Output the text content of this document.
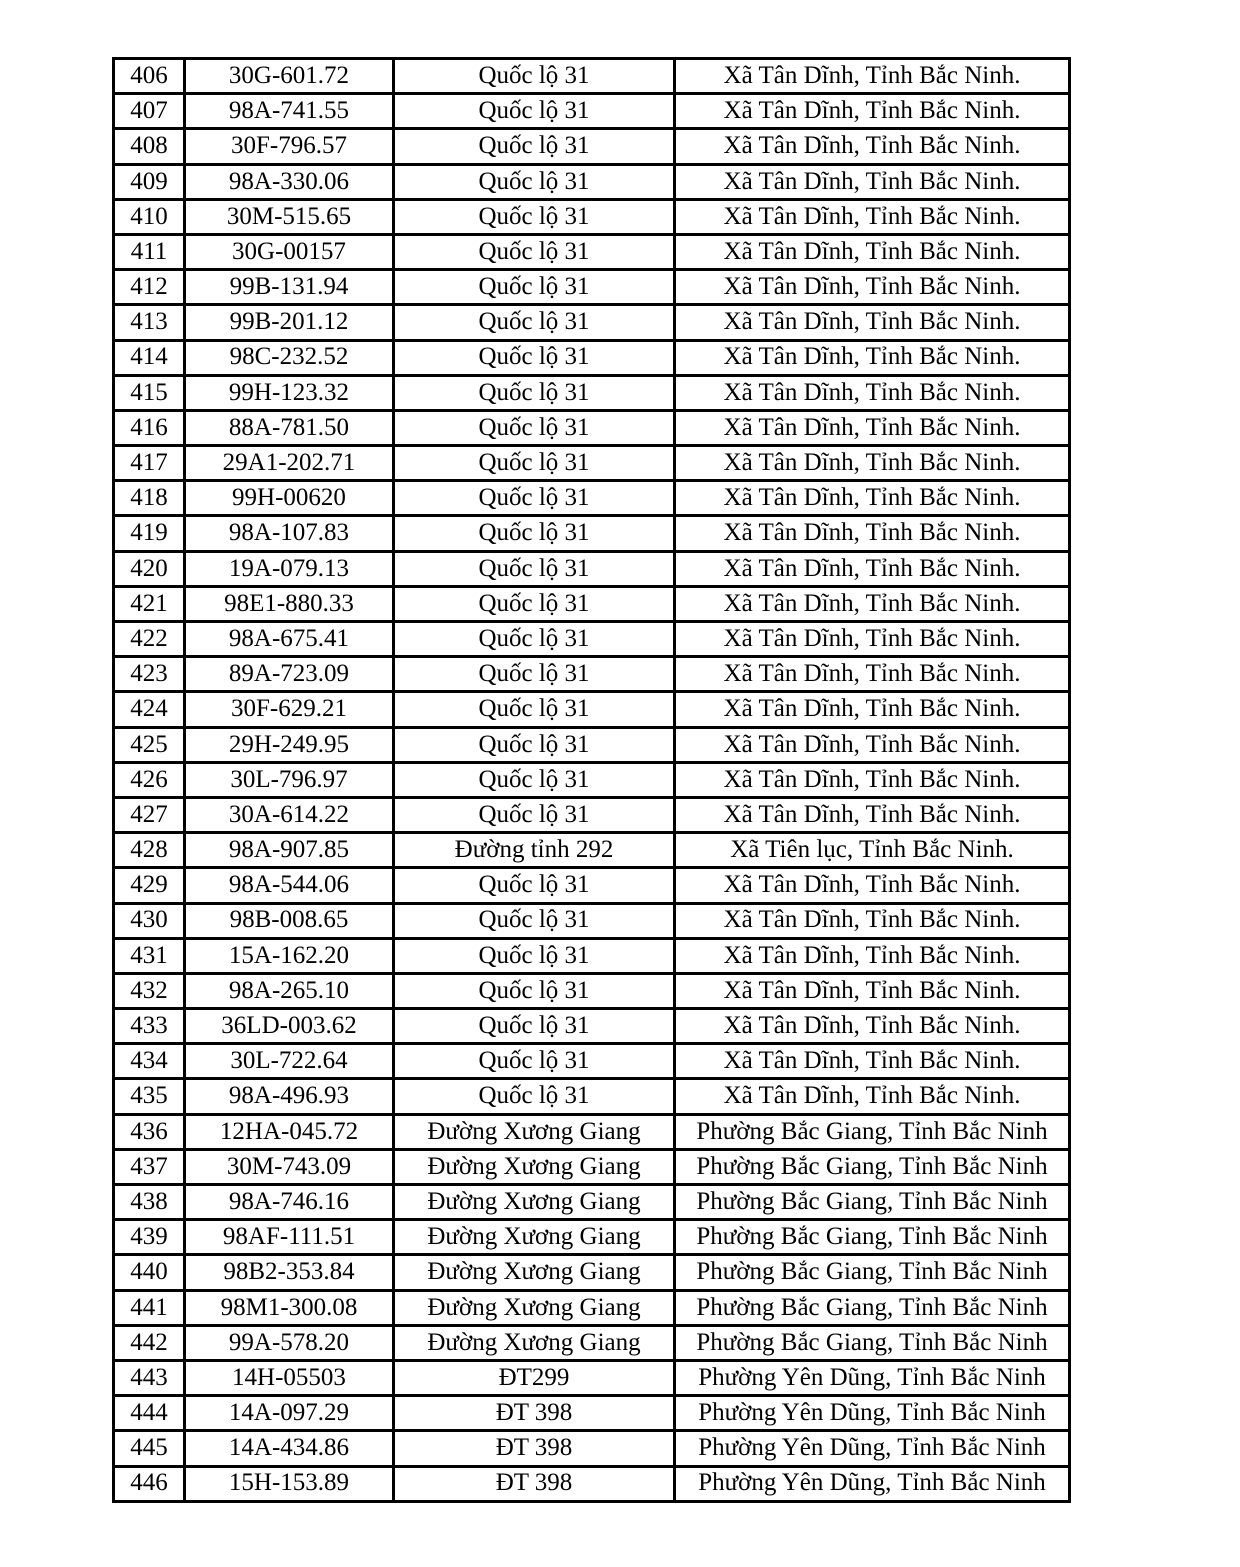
406	30G-601.72	Quốc lộ 31	Xã Tân Dĩnh, Tỉnh Bắc Ninh.
407	98A-741.55	Quốc lộ 31	Xã Tân Dĩnh, Tỉnh Bắc Ninh.
408	30F-796.57	Quốc lộ 31	Xã Tân Dĩnh, Tỉnh Bắc Ninh.
409	98A-330.06	Quốc lộ 31	Xã Tân Dĩnh, Tỉnh Bắc Ninh.
410	30M-515.65	Quốc lộ 31	Xã Tân Dĩnh, Tỉnh Bắc Ninh.
411	30G-00157	Quốc lộ 31	Xã Tân Dĩnh, Tỉnh Bắc Ninh.
412	99B-131.94	Quốc lộ 31	Xã Tân Dĩnh, Tỉnh Bắc Ninh.
413	99B-201.12	Quốc lộ 31	Xã Tân Dĩnh, Tỉnh Bắc Ninh.
414	98C-232.52	Quốc lộ 31	Xã Tân Dĩnh, Tỉnh Bắc Ninh.
415	99H-123.32	Quốc lộ 31	Xã Tân Dĩnh, Tỉnh Bắc Ninh.
416	88A-781.50	Quốc lộ 31	Xã Tân Dĩnh, Tỉnh Bắc Ninh.
417	29A1-202.71	Quốc lộ 31	Xã Tân Dĩnh, Tỉnh Bắc Ninh.
418	99H-00620	Quốc lộ 31	Xã Tân Dĩnh, Tỉnh Bắc Ninh.
419	98A-107.83	Quốc lộ 31	Xã Tân Dĩnh, Tỉnh Bắc Ninh.
420	19A-079.13	Quốc lộ 31	Xã Tân Dĩnh, Tỉnh Bắc Ninh.
421	98E1-880.33	Quốc lộ 31	Xã Tân Dĩnh, Tỉnh Bắc Ninh.
422	98A-675.41	Quốc lộ 31	Xã Tân Dĩnh, Tỉnh Bắc Ninh.
423	89A-723.09	Quốc lộ 31	Xã Tân Dĩnh, Tỉnh Bắc Ninh.
424	30F-629.21	Quốc lộ 31	Xã Tân Dĩnh, Tỉnh Bắc Ninh.
425	29H-249.95	Quốc lộ 31	Xã Tân Dĩnh, Tỉnh Bắc Ninh.
426	30L-796.97	Quốc lộ 31	Xã Tân Dĩnh, Tỉnh Bắc Ninh.
427	30A-614.22	Quốc lộ 31	Xã Tân Dĩnh, Tỉnh Bắc Ninh.
428	98A-907.85	Đường tỉnh 292	Xã Tiên lục, Tỉnh Bắc Ninh.
429	98A-544.06	Quốc lộ 31	Xã Tân Dĩnh, Tỉnh Bắc Ninh.
430	98B-008.65	Quốc lộ 31	Xã Tân Dĩnh, Tỉnh Bắc Ninh.
431	15A-162.20	Quốc lộ 31	Xã Tân Dĩnh, Tỉnh Bắc Ninh.
432	98A-265.10	Quốc lộ 31	Xã Tân Dĩnh, Tỉnh Bắc Ninh.
433	36LD-003.62	Quốc lộ 31	Xã Tân Dĩnh, Tỉnh Bắc Ninh.
434	30L-722.64	Quốc lộ 31	Xã Tân Dĩnh, Tỉnh Bắc Ninh.
435	98A-496.93	Quốc lộ 31	Xã Tân Dĩnh, Tỉnh Bắc Ninh.
436	12HA-045.72	Đường Xương Giang	Phường Bắc Giang, Tỉnh Bắc Ninh
437	30M-743.09	Đường Xương Giang	Phường Bắc Giang, Tỉnh Bắc Ninh
438	98A-746.16	Đường Xương Giang	Phường Bắc Giang, Tỉnh Bắc Ninh
439	98AF-111.51	Đường Xương Giang	Phường Bắc Giang, Tỉnh Bắc Ninh
440	98B2-353.84	Đường Xương Giang	Phường Bắc Giang, Tỉnh Bắc Ninh
441	98M1-300.08	Đường Xương Giang	Phường Bắc Giang, Tỉnh Bắc Ninh
442	99A-578.20	Đường Xương Giang	Phường Bắc Giang, Tỉnh Bắc Ninh
443	14H-05503	ĐT299	Phường Yên Dũng, Tỉnh Bắc Ninh
444	14A-097.29	ĐT 398	Phường Yên Dũng, Tỉnh Bắc Ninh
445	14A-434.86	ĐT 398	Phường Yên Dũng, Tỉnh Bắc Ninh
446	15H-153.89	ĐT 398	Phường Yên Dũng, Tỉnh Bắc Ninh
